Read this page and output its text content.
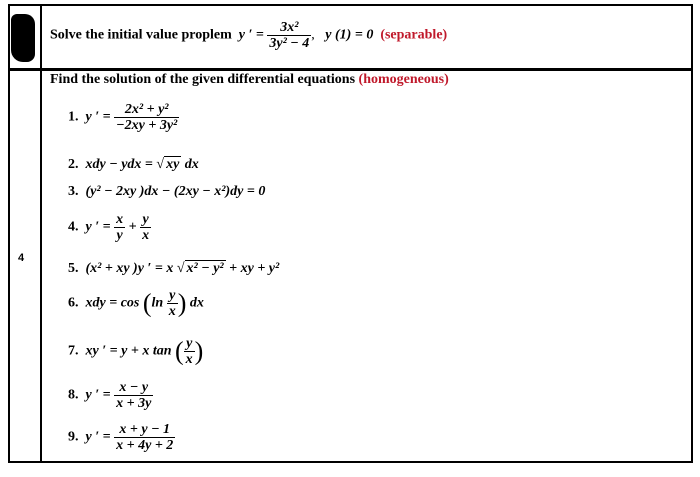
4
Solve the initial value proplem y ′ = $\frac{\text{3x²}}{\text{3y² − 4}}$ , y (1) = 0 (separable)
Find the solution of the given differential equations (homogeneous)
1. y ′ = $\frac{\text{2x² + y²}}{\text{−2xy + 3y²}}$
2. xdy − ydx = √ xy dx
3. (y² − 2xy )dx − (2xy − x²)dy = 0
4. y ′ = $\frac{x}{y} + \frac{y}{x}$
5. (x² + xy )y ′ = x √ x² − y² + xy + y²
6. xdy = $\cos (\ln \frac{y}{x}$ ) dx
7. xy ′ = y + x tan ( $\frac{y}{x}$ )
8. y ′ = $\frac{x - y}{x + 3y}$
9. y ′ = $\frac{x + y - 1}{x + 4y + 2}$
